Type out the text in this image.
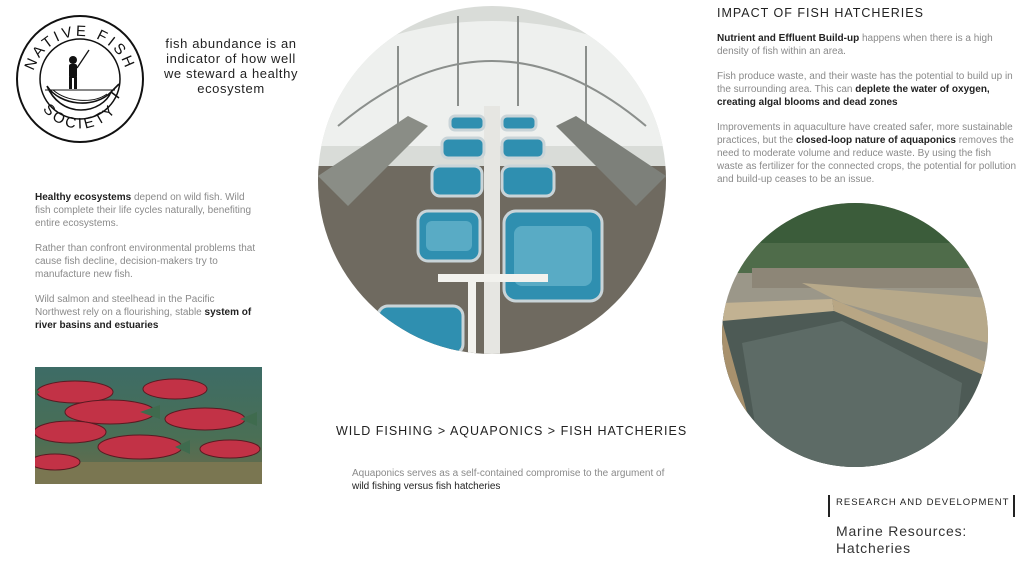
NATIVE FISH
SOCIETY
fish abundance is an
indicator of how well
we steward a healthy
ecosystem
Healthy ecosystems depend on wild fish. Wild fish complete their life cycles naturally, benefiting entire ecosystems.
Rather than confront environmental problems that cause fish decline, decision-makers try to manufacture new fish.
Wild salmon and steelhead in the Pacific Northwest rely on a flourishing, stable system of river basins and estuaries
WILD FISHING > AQUAPONICS > FISH HATCHERIES
Aquaponics serves as a self-contained compromise to the argument of wild fishing versus fish hatcheries
IMPACT OF FISH HATCHERIES
Nutrient and Effluent Build-up happens when there is a high density of fish within an area.
Fish produce waste, and their waste has the potential to build up in the surrounding area. This can deplete the water of oxygen, creating algal blooms and dead zones
Improvements in aquaculture have created safer, more sustainable practices, but the closed-loop nature of aquaponics removes the need to moderate volume and reduce waste. By using the fish waste as fertilizer for the connected crops, the potential for pollution and build-up ceases to be an issue.
RESEARCH AND DEVELOPMENT
Marine Resources:
Hatcheries
